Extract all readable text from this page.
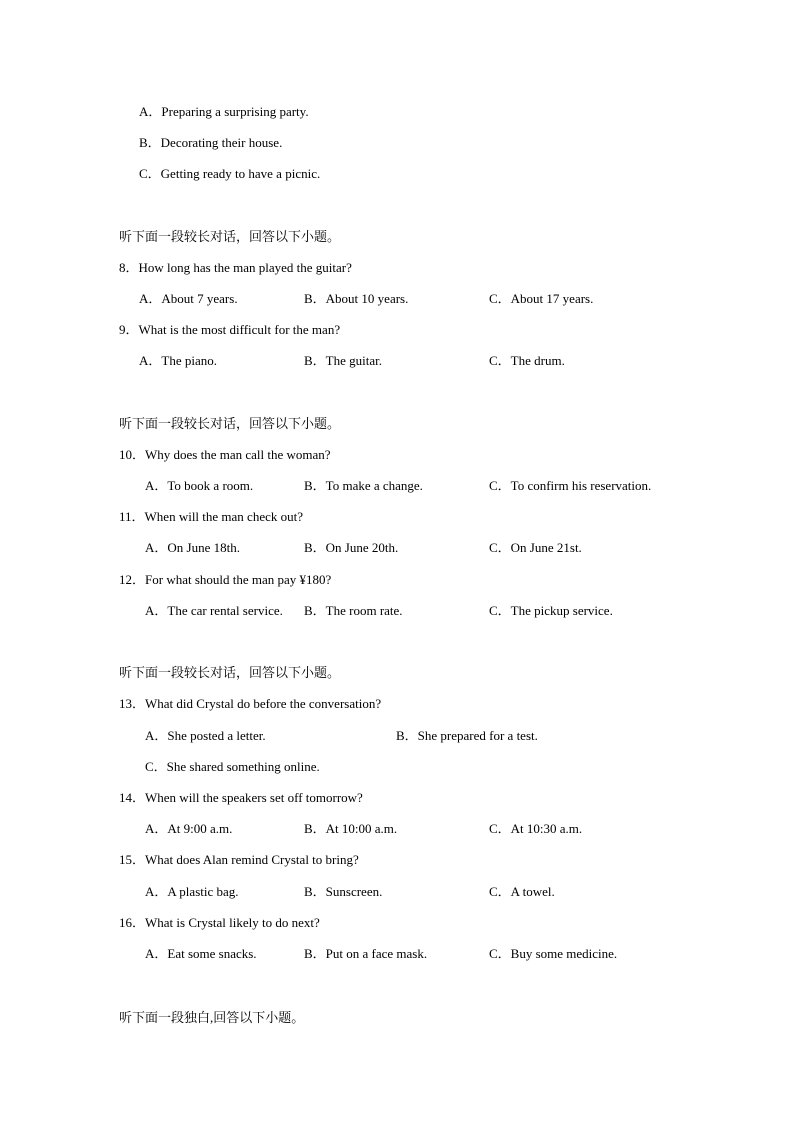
A．Preparing a surprising party.
B．Decorating their house.
C．Getting ready to have a picnic.
听下面一段较长对话，回答以下小题。
8．How long has the man played the guitar?
A．About 7 years.	B．About 10 years.	C．About 17 years.
9．What is the most difficult for the man?
A．The piano.	B．The guitar.	C．The drum.
听下面一段较长对话，回答以下小题。
10．Why does the man call the woman?
A．To book a room.	B．To make a change.	C．To confirm his reservation.
11．When will the man check out?
A．On June 18th.	B．On June 20th.	C．On June 21st.
12．For what should the man pay ¥180?
A．The car rental service. B．The room rate.	C．The pickup service.
听下面一段较长对话，回答以下小题。
13．What did Crystal do before the conversation?
A．She posted a letter.	B．She prepared for a test.
C．She shared something online.
14．When will the speakers set off tomorrow?
A．At 9:00 a.m.	B．At 10:00 a.m.	C．At 10:30 a.m.
15．What does Alan remind Crystal to bring?
A．A plastic bag.	B．Sunscreen.	C．A towel.
16．What is Crystal likely to do next?
A．Eat some snacks.	B．Put on a face mask.	C．Buy some medicine.
听下面一段独白,回答以下小题。
